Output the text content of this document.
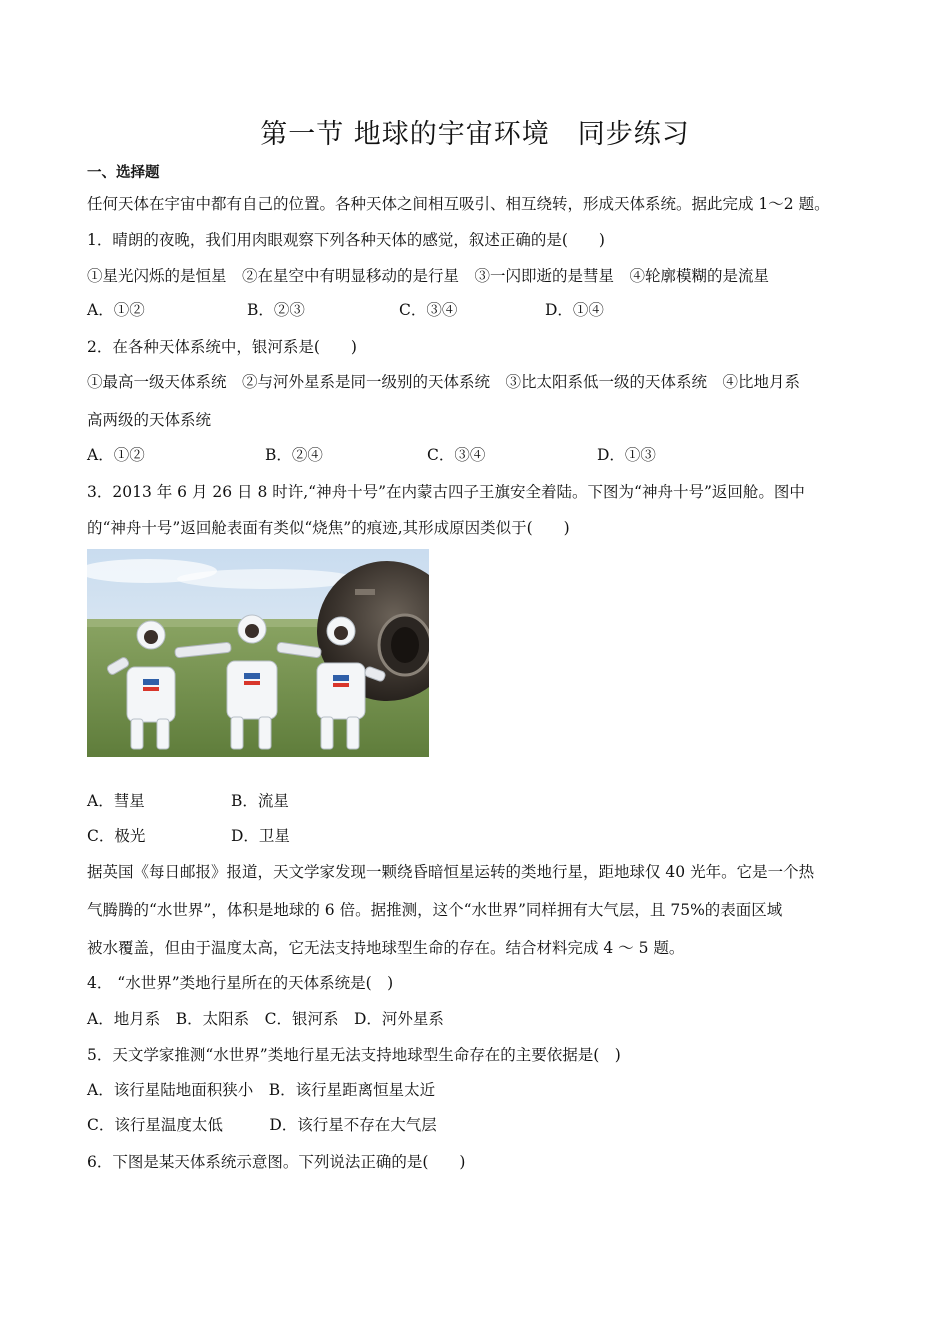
第一节 地球的宇宙环境　同步练习
一、选择题
任何天体在宇宙中都有自己的位置。各种天体之间相互吸引、相互绕转，形成天体系统。据此完成 1～2 题。
1．晴朗的夜晚，我们用肉眼观察下列各种天体的感觉，叙述正确的是(　　)
①星光闪烁的是恒星　②在星空中有明显移动的是行星　③一闪即逝的是彗星　④轮廓模糊的是流星
A．①②	B．②③	C．③④	D．①④
2．在各种天体系统中，银河系是(　　)
①最高一级天体系统　②与河外星系是同一级别的天体系统　③比太阳系低一级的天体系统　④比地月系
高两级的天体系统
A．①②	B．②④	C．③④	D．①③
3．2013 年 6 月 26 日 8 时许,“神舟十号”在内蒙古四子王旗安全着陆。下图为“神舟十号”返回舱。图中
的“神舟十号”返回舱表面有类似“烧焦”的痕迹,其形成原因类似于(　　)
A．彗星	B．流星
C．极光	D．卫星
据英国《每日邮报》报道，天文学家发现一颗绕昏暗恒星运转的类地行星，距地球仅 40 光年。它是一个热
气腾腾的“水世界”，体积是地球的 6 倍。据推测，这个“水世界”同样拥有大气层，且 75%的表面区域
被水覆盖，但由于温度太高，它无法支持地球型生命的存在。结合材料完成 4 ～ 5 题。
4． “水世界”类地行星所在的天体系统是(　)
A．地月系　B．太阳系　C．银河系　D．河外星系
5．天文学家推测“水世界”类地行星无法支持地球型生命存在的主要依据是(　)
A．该行星陆地面积狭小　B．该行星距离恒星太近
C．该行星温度太低　　　D．该行星不存在大气层
6．下图是某天体系统示意图。下列说法正确的是(　　)
